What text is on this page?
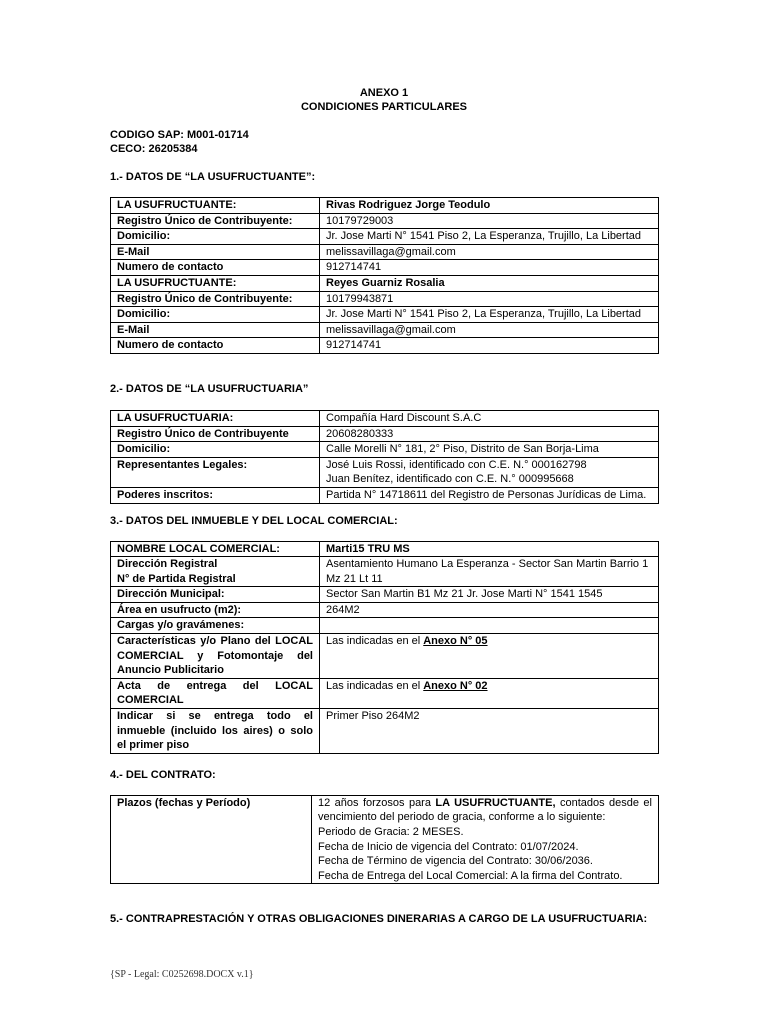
ANEXO 1
CONDICIONES PARTICULARES
CODIGO SAP: M001-01714
CECO: 26205384
1.- DATOS DE “LA USUFRUCTUANTE”:
LA USUFRUCTUANTE:	Rivas Rodriguez Jorge Teodulo
Registro Único de Contribuyente:	10179729003
Domicilio:	Jr. Jose Marti N° 1541 Piso 2, La Esperanza, Trujillo, La Libertad
E-Mail	melissavillaga@gmail.com
Numero de contacto	912714741
LA USUFRUCTUANTE:	Reyes Guarniz Rosalia
Registro Único de Contribuyente:	10179943871
Domicilio:	Jr. Jose Marti N° 1541 Piso 2, La Esperanza, Trujillo, La Libertad
E-Mail	melissavillaga@gmail.com
Numero de contacto	912714741
2.- DATOS DE “LA USUFRUCTUARIA”
LA USUFRUCTUARIA:	Compañía Hard Discount S.A.C
Registro Único de Contribuyente	20608280333
Domicilio:	Calle Morelli N° 181, 2° Piso, Distrito de San Borja-Lima
Representantes Legales:	José Luis Rossi, identificado con C.E. N.° 000162798
Juan Benítez, identificado con C.E. N.° 000995668

Poderes inscritos:	Partida N° 14718611 del Registro de Personas Jurídicas de Lima.
3.- DATOS DEL INMUEBLE Y DEL LOCAL COMERCIAL:
NOMBRE LOCAL COMERCIAL:	Marti15 TRU MS

Dirección Registral
N° de Partida Registral	Asentamiento Humano La Esperanza - Sector San Martin Barrio 1 Mz 21 Lt 11
Dirección Municipal:	Sector San Martin B1 Mz 21 Jr. Jose Marti N° 1541 1545
Área en usufructo (m2):	264M2
Cargas y/o gravámenes:	
Características y/o Plano del LOCAL COMERCIAL y Fotomontaje del Anuncio Publicitario	Las indicadas en el Anexo N° 05
Acta de entrega del LOCAL COMERCIAL	Las indicadas en el Anexo N° 02
Indicar si se entrega todo el inmueble (incluido los aires) o solo el primer piso	Primer Piso 264M2
4.- DEL CONTRATO:
Plazos (fechas y Período)	12 años forzosos para LA USUFRUCTUANTE, contados desde el vencimiento del periodo de gracia, conforme a lo siguiente:
Periodo de Gracia: 2 MESES.
Fecha de Inicio de vigencia del Contrato: 01/07/2024.
Fecha de Término de vigencia del Contrato: 30/06/2036.
Fecha de Entrega del Local Comercial: A la firma del Contrato.
5.- CONTRAPRESTACIÓN Y OTRAS OBLIGACIONES DINERARIAS A CARGO DE LA USUFRUCTUARIA:
{SP - Legal: C0252698.DOCX v.1}
